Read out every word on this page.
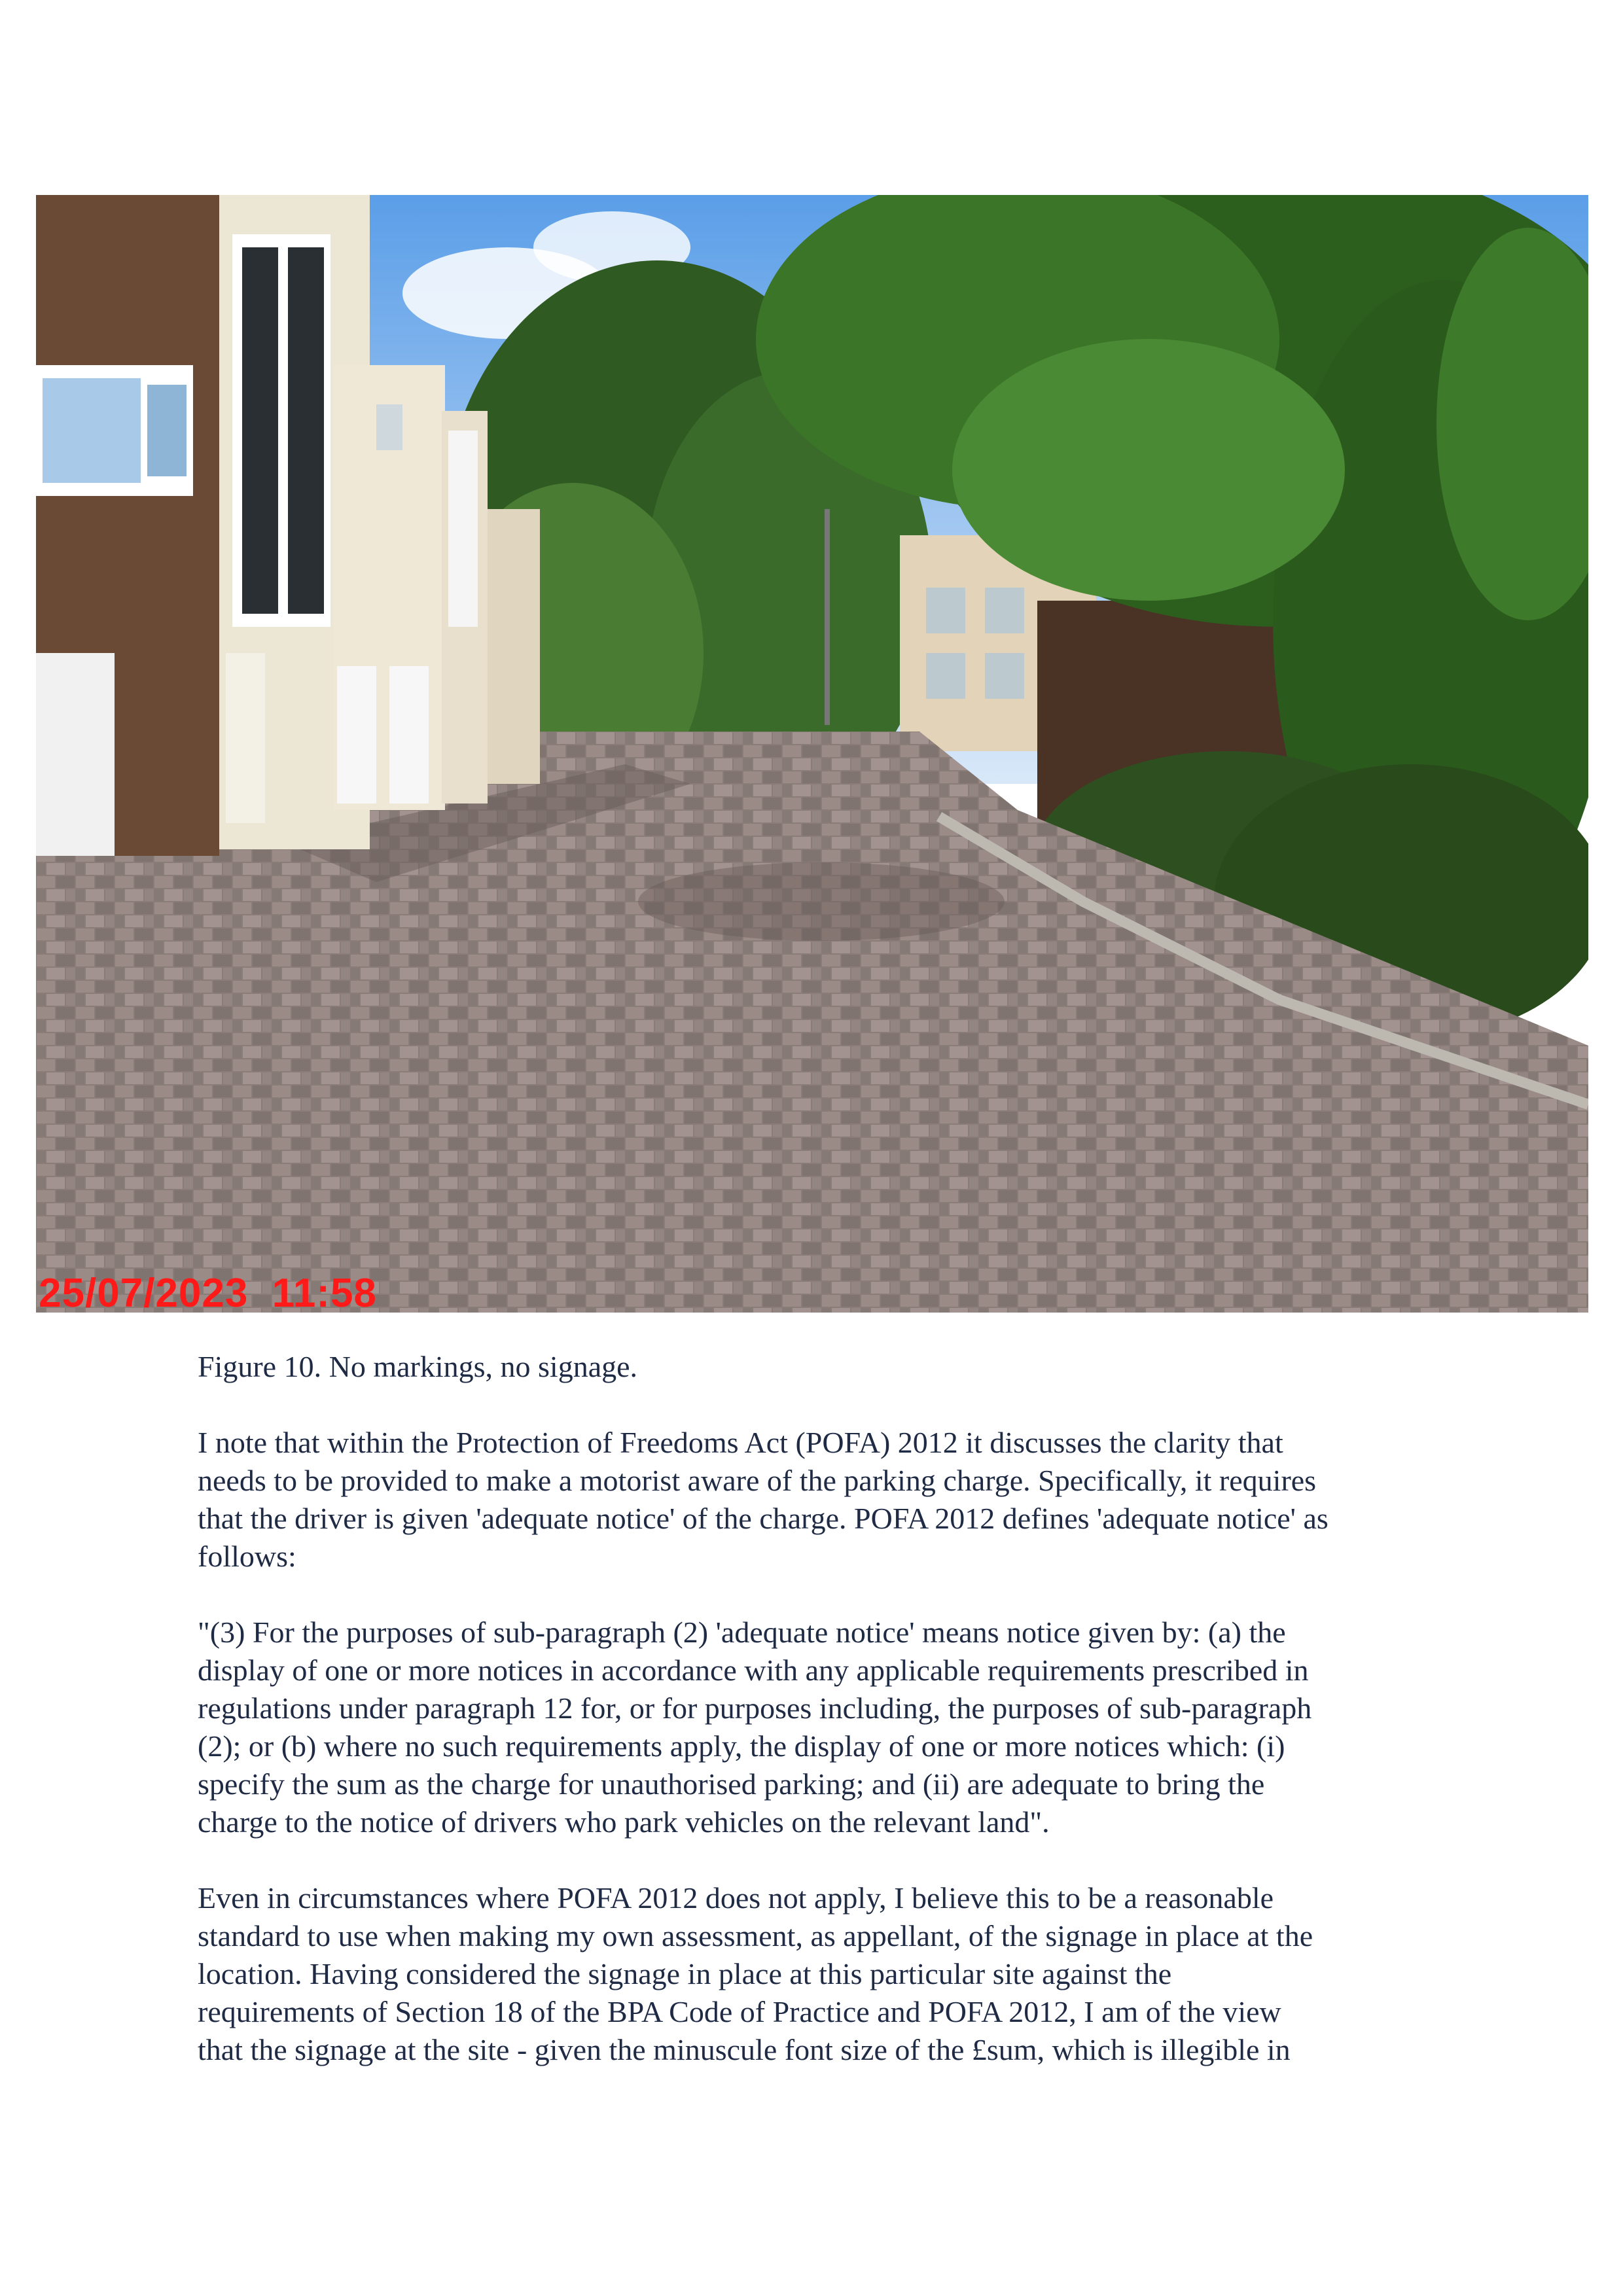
25/07/2023  11:58

Figure 10. No markings, no signage.

I note that within the Protection of Freedoms Act (POFA) 2012 it discusses the clarity that
needs to be provided to make a motorist aware of the parking charge. Specifically, it requires
that the driver is given 'adequate notice' of the charge. POFA 2012 defines 'adequate notice' as
follows:

"(3) For the purposes of sub-paragraph (2) 'adequate notice' means notice given by: (a) the
display of one or more notices in accordance with any applicable requirements prescribed in
regulations under paragraph 12 for, or for purposes including, the purposes of sub-paragraph
(2); or (b) where no such requirements apply, the display of one or more notices which: (i)
specify the sum as the charge for unauthorised parking; and (ii) are adequate to bring the
charge to the notice of drivers who park vehicles on the relevant land".

Even in circumstances where POFA 2012 does not apply, I believe this to be a reasonable
standard to use when making my own assessment, as appellant, of the signage in place at the
location. Having considered the signage in place at this particular site against the
requirements of Section 18 of the BPA Code of Practice and POFA 2012, I am of the view
that the signage at the site - given the minuscule font size of the £sum, which is illegible in
